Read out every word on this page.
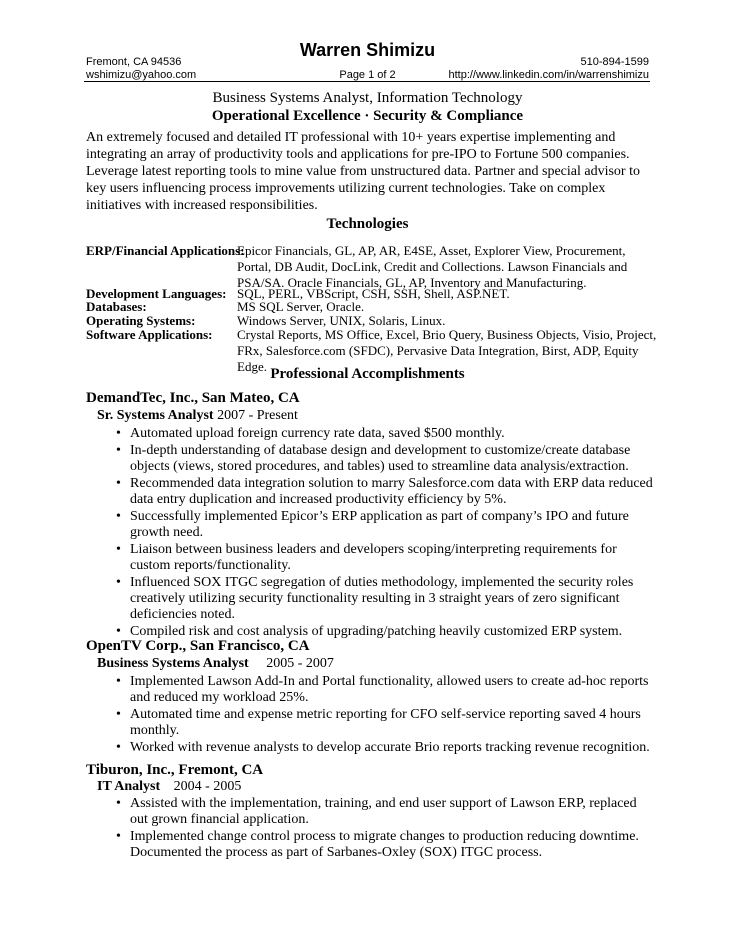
Warren Shimizu
Fremont, CA 94536
wshimizu@yahoo.com	Page 1 of 2
510-894-1599
http://www.linkedin.com/in/warrenshimizu
Business Systems Analyst, Information Technology
Operational Excellence · Security & Compliance

An extremely focused and detailed IT professional with 10+ years expertise implementing and integrating an array of productivity tools and applications for pre-IPO to Fortune 500 companies. Leverage latest reporting tools to mine value from unstructured data. Partner and special advisor to key users influencing process improvements utilizing current technologies. Take on complex initiatives with increased responsibilities.

Technologies
ERP/Financial Applications:
Epicor Financials, GL, AP, AR, E4SE, Asset, Explorer View, Procurement, Portal, DB Audit, DocLink, Credit and Collections. Lawson Financials and PSA/SA. Oracle Financials, GL, AP, Inventory and Manufacturing.
Development Languages: SQL, PERL, VBScript, CSH, SSH, Shell, ASP.NET.
Databases:	MS SQL Server, Oracle.
Operating Systems:	Windows Server, UNIX, Solaris, Linux.
Software Applications: Crystal Reports, MS Office, Excel, Brio Query, Business Objects, Visio, Project, FRx, Salesforce.com (SFDC), Pervasive Data Integration, Birst, ADP, Equity Edge. Professional Accomplishments
DemandTec, Inc., San Mateo, CA
Sr. Systems Analyst 2007 - Present
• Automated upload foreign currency rate data, saved $500 monthly.
• In-depth understanding of database design and development to customize/create database objects (views, stored procedures, and tables) used to streamline data analysis/extraction.
• Recommended data integration solution to marry Salesforce.com data with ERP data reduced data entry duplication and increased productivity efficiency by 5%.
• Successfully implemented Epicor’s ERP application as part of company’s IPO and future growth need.
• Liaison between business leaders and developers scoping/interpreting requirements for custom reports/functionality.
• Influenced SOX ITGC segregation of duties methodology, implemented the security roles creatively utilizing security functionality resulting in 3 straight years of zero significant deficiencies noted.
• Compiled risk and cost analysis of upgrading/patching heavily customized ERP system.
OpenTV Corp., San Francisco, CA
Business Systems Analyst 2005 - 2007
• Implemented Lawson Add-In and Portal functionality, allowed users to create ad-hoc reports and reduced my workload 25%.
• Automated time and expense metric reporting for CFO self-service reporting saved 4 hours monthly.
• Worked with revenue analysts to develop accurate Brio reports tracking revenue recognition.
Tiburon, Inc., Fremont, CA
IT Analyst 2004 - 2005
• Assisted with the implementation, training, and end user support of Lawson ERP, replaced out grown financial application.
• Implemented change control process to migrate changes to production reducing downtime. Documented the process as part of Sarbanes-Oxley (SOX) ITGC process.
